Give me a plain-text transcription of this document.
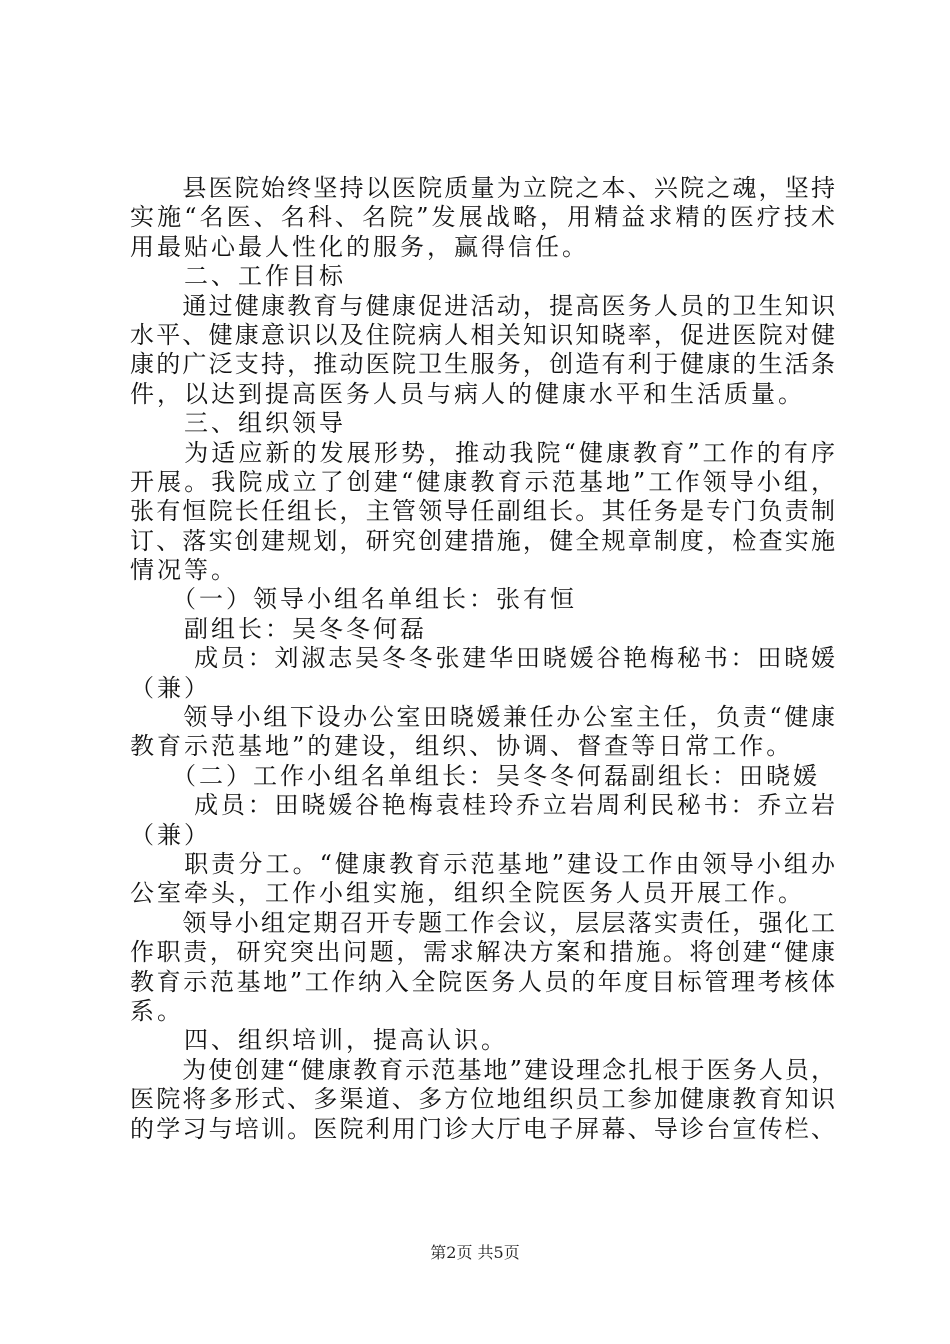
　　县医院始终坚持以医院质量为立院之本、兴院之魂，坚持
实施“名医、名科、名院”发展战略，用精益求精的医疗技术
用最贴心最人性化的服务，赢得信任。
　　二、工作目标
　　通过健康教育与健康促进活动，提高医务人员的卫生知识
水平、健康意识以及住院病人相关知识知晓率，促进医院对健
康的广泛支持，推动医院卫生服务，创造有利于健康的生活条
件，以达到提高医务人员与病人的健康水平和生活质量。
　　三、组织领导
　　为适应新的发展形势，推动我院“健康教育”工作的有序
开展。我院成立了创建“健康教育示范基地”工作领导小组，
张有恒院长任组长，主管领导任副组长。其任务是专门负责制
订、落实创建规划，研究创建措施，健全规章制度，检查实施
情况等。
　　（一）领导小组名单组长：张有恒
　　副组长：吴冬冬何磊
　　 成员：刘淑志吴冬冬张建华田晓媛谷艳梅秘书：田晓媛
（兼）
　　领导小组下设办公室田晓媛兼任办公室主任，负责“健康
教育示范基地”的建设，组织、协调、督查等日常工作。
　　（二）工作小组名单组长：吴冬冬何磊副组长：田晓媛
　　 成员：田晓媛谷艳梅袁桂玲乔立岩周利民秘书：乔立岩
（兼）
　　职责分工。“健康教育示范基地”建设工作由领导小组办
公室牵头，工作小组实施，组织全院医务人员开展工作。
　　领导小组定期召开专题工作会议，层层落实责任，强化工
作职责，研究突出问题，需求解决方案和措施。将创建“健康
教育示范基地”工作纳入全院医务人员的年度目标管理考核体
系。
　　四、组织培训，提高认识。
　　为使创建“健康教育示范基地”建设理念扎根于医务人员，
医院将多形式、多渠道、多方位地组织员工参加健康教育知识
的学习与培训。医院利用门诊大厅电子屏幕、导诊台宣传栏、
第2页 共5页
